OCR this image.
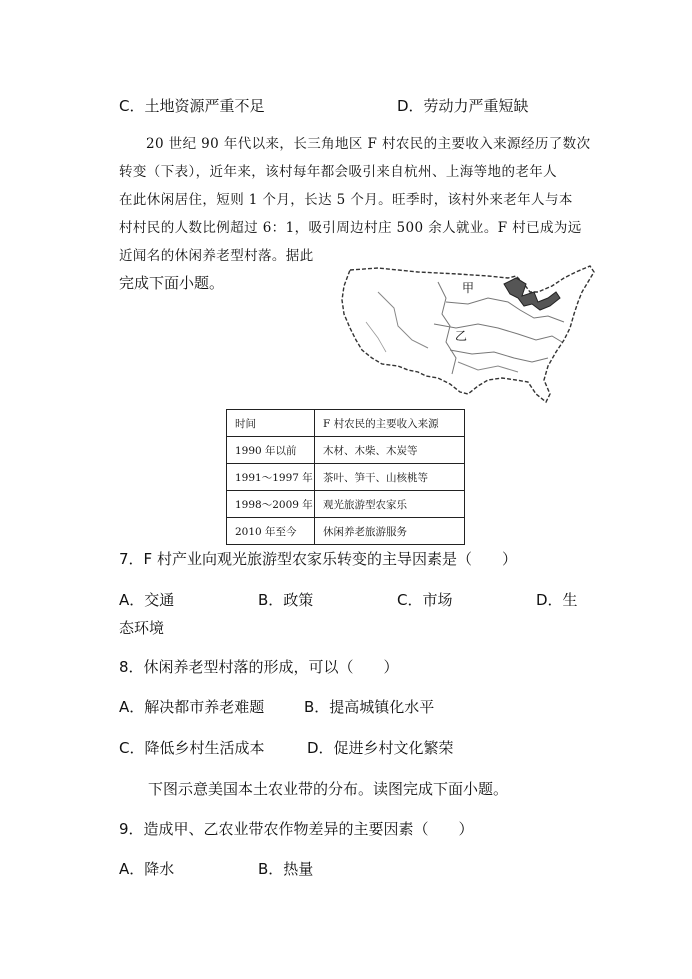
C．土地资源严重不足	D．劳动力严重短缺
20 世纪 90 年代以来，长三角地区 F 村农民的主要收入来源经历了数次
转变（下表），近年来，该村每年都会吸引来自杭州、上海等地的老年人
在此休闲居住，短则 1 个月，长达 5 个月。旺季时，该村外来老年人与本
村村民的人数比例超过 6：1，吸引周边村庄 500 余人就业。F 村已成为远
近闻名的休闲养老型村落。据此
完成下面小题。	甲
乙
时间	F 村农民的主要收入来源
1990 年以前	木材、木柴、木炭等
1991～1997 年	茶叶、笋干、山核桃等
1998～2009 年	观光旅游型农家乐
2010 年至今	休闲养老旅游服务
7．F 村产业向观光旅游型农家乐转变的主导因素是（　　）
A．交通	B．政策	C．市场	D．生
态环境
8．休闲养老型村落的形成，可以（　　）
A．解决都市养老难题	B．提高城镇化水平
C．降低乡村生活成本	D．促进乡村文化繁荣
下图示意美国本土农业带的分布。读图完成下面小题。
9．造成甲、乙农业带农作物差异的主要因素（　　）
A．降水	B．热量
